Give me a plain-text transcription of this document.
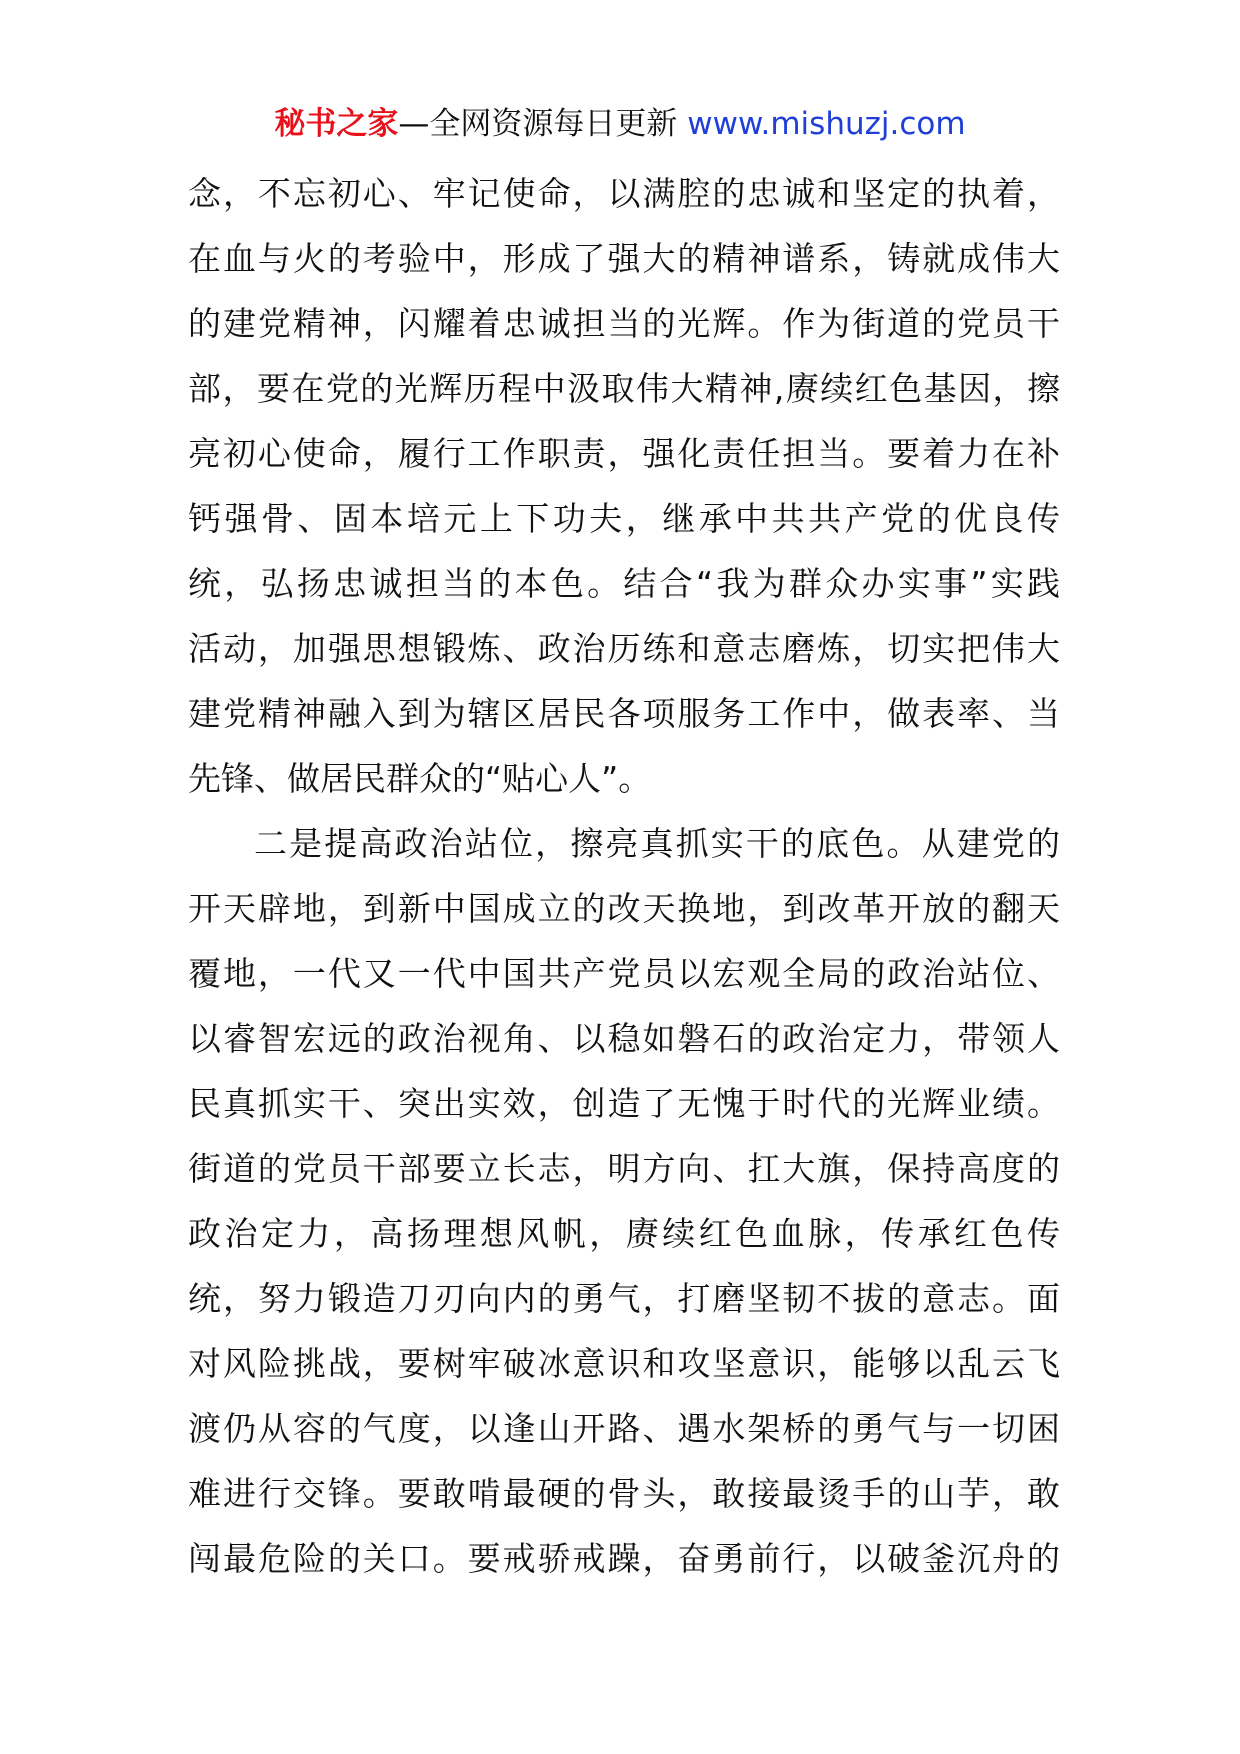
秘书之家—全网资源每日更新 www.mishuzj.com
念，不忘初心、牢记使命，以满腔的忠诚和坚定的执着，
在血与火的考验中，形成了强大的精神谱系，铸就成伟大
的建党精神，闪耀着忠诚担当的光辉。作为街道的党员干
部，要在党的光辉历程中汲取伟大精神,赓续红色基因，擦
亮初心使命，履行工作职责，强化责任担当。要着力在补
钙强骨、固本培元上下功夫，继承中共共产党的优良传
统，弘扬忠诚担当的本色。结合“我为群众办实事”实践
活动，加强思想锻炼、政治历练和意志磨炼，切实把伟大
建党精神融入到为辖区居民各项服务工作中，做表率、当
先锋、做居民群众的“贴心人”。
二是提高政治站位，擦亮真抓实干的底色。从建党的
开天辟地，到新中国成立的改天换地，到改革开放的翻天
覆地，一代又一代中国共产党员以宏观全局的政治站位、
以睿智宏远的政治视角、以稳如磐石的政治定力，带领人
民真抓实干、突出实效，创造了无愧于时代的光辉业绩。
街道的党员干部要立长志，明方向、扛大旗，保持高度的
政治定力，高扬理想风帆，赓续红色血脉，传承红色传
统，努力锻造刀刃向内的勇气，打磨坚韧不拔的意志。面
对风险挑战，要树牢破冰意识和攻坚意识，能够以乱云飞
渡仍从容的气度，以逢山开路、遇水架桥的勇气与一切困
难进行交锋。要敢啃最硬的骨头，敢接最烫手的山芋，敢
闯最危险的关口。要戒骄戒躁，奋勇前行，以破釜沉舟的
